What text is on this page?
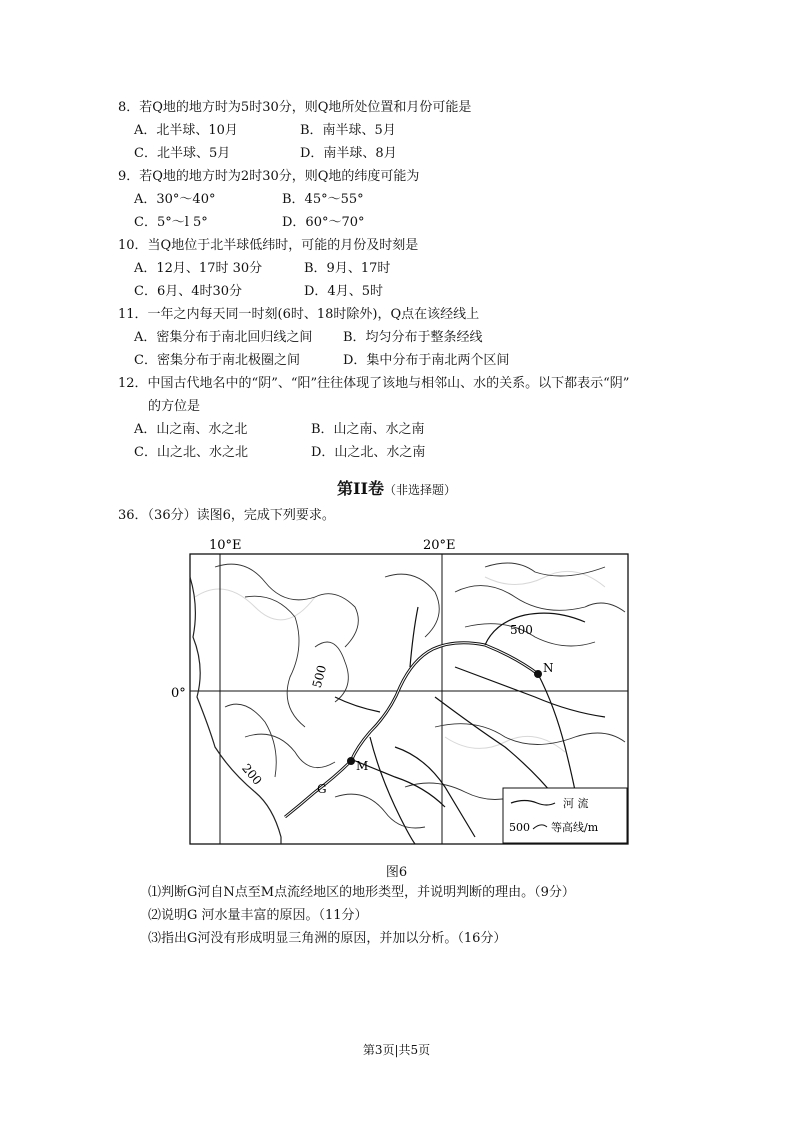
8．若Q地的地方时为5时30分，则Q地所处位置和月份可能是
A．北半球、10月	B．南半球、5月
C．北半球、5月	D．南半球、8月
9．若Q地的地方时为2时30分，则Q地的纬度可能为
A．30°～40°	B．45°～55°
C．5°～l 5°	D．60°～70°
10．当Q地位于北半球低纬时，可能的月份及时刻是
A．12月、17时 30分	B．9月、17时
C．6月、4时30分	D．4月、5时
11．一年之内每天同一时刻(6时、18时除外)，Q点在该经线上
A．密集分布于南北回归线之间 B．均匀分布于整条经线
C．密集分布于南北极圈之间	D．集中分布于南北两个区间
12．中国古代地名中的“阴”、“阳”往往体现了该地与相邻山、水的关系。以下都表示“阴”
的方位是
A．山之南、水之北	B．山之南、水之南
C．山之北、水之北	D．山之北、水之南
第II卷（非选择题）
36．（36分）读图6，完成下列要求。
10°E	20°E
0°
500
500
200
N
M
G
河 流
500 等高线/m
图6
⑴判断G河自N点至M点流经地区的地形类型，并说明判断的理由。（9分）
⑵说明G 河水量丰富的原因。（11分）
⑶指出G河没有形成明显三角洲的原因，并加以分析。（16分）
第3页|共5页
